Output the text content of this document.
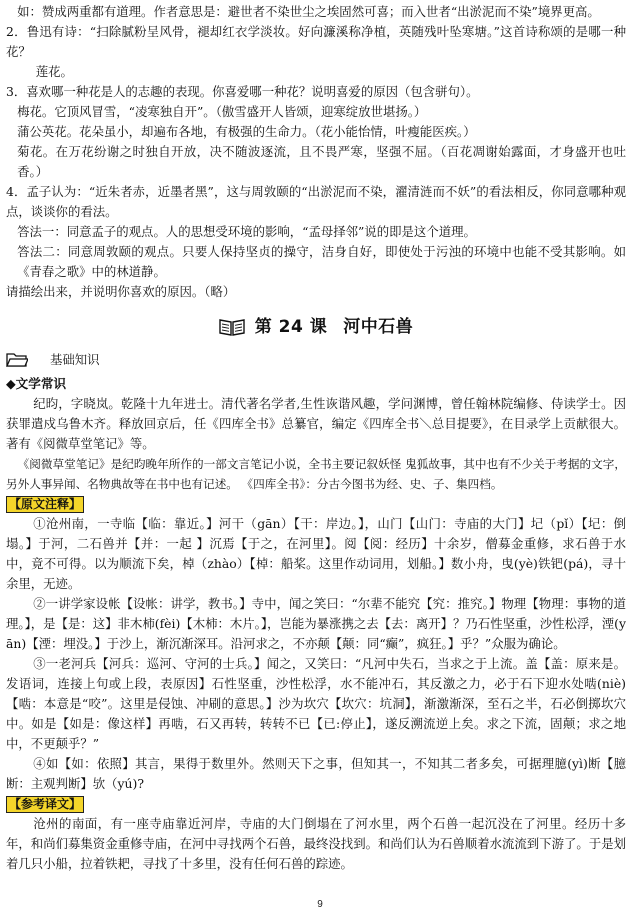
如：赞成两重都有道理。作者意思是：避世者不染世尘之埃固然可喜；而入世者“出淤泥而不染”境界更高。

2．鲁迅有诗：“扫除腻粉呈风骨，褪却红衣学淡妆。好向濂溪称净植，英随残叶坠寒塘。”这首诗称颂的是哪一种花？

莲花。

3．喜欢哪一种花是人的志趣的表现。你喜爱哪一种花？说明喜爱的原因（包含骈句）。

梅花。它顶风冒雪，“凌寒独自开”。（傲雪盛开人皆颂，迎寒绽放世堪扬。）

蒲公英花。花朵虽小，却遍布各地，有极强的生命力。（花小能怡情，叶瘦能医疾。）

菊花。在万花纷谢之时独自开放，决不随波逐流，且不畏严寒，坚强不屈。（百花凋谢始露面，才身盛开也吐香。）

4．孟子认为：“近朱者赤，近墨者黑”，这与周敦颐的“出淤泥而不染，濯清涟而不妖”的看法相反，你同意哪种观点，谈谈你的看法。

答法一：同意孟子的观点。人的思想受环境的影响，“孟母择邻”说的即是这个道理。

答法二：同意周敦颐的观点。只要人保持坚贞的操守，洁身自好，即使处于污浊的环境中也能不受其影响。如《青春之歌》中的林道静。

请描绘出来，并说明你喜欢的原因。（略）

第 24 课 河中石兽
基础知识

◆文学常识

纪昀，字晓岚。乾隆十九年进士。清代著名学者,生性诙谐风趣，学问渊博，曾任翰林院编修、侍读学士。因获罪遣戍乌鲁木齐。释放回京后，任《四库全书》总纂官，编定《四库全书＼总目提要》，在目录学上贡献很大。著有《阅微草堂笔记》等。

《阅微草堂笔记》是纪昀晚年所作的一部文言笔记小说，全书主要记叙妖怪 鬼狐故事，其中也有不少关于考据的文字，另外人事异闻、名物典故等在书中也有记述。 《四库全书》：分古今图书为经、史、子、集四档。

【原文注释】

①沧州南，一寺临【临：靠近。】河干（gān）【干：岸边。】，山门【山门：寺庙的大门】圮（pǐ）【圮：倒塌。】于河，二石兽并【并：一起 】沉焉【于之，在河里】。阅【阅：经历】十余岁，僧募金重修，求石兽于水中，竟不可得。以为顺流下矣，棹（zhào）【棹：船桨。这里作动词用，划船。】数小舟，曳(yè)铁钯(pá)，寻十余里，无迹。

②一讲学家设帐【设帐：讲学，教书。】寺中，闻之笑曰：“尔辈不能究【究：推究。】物理【物理：事物的道理。】，是【是：这】非木柿(fèi)【木柿：木片。】，岂能为暴涨携之去【去：离开】？乃石性坚重，沙性松浮，湮(yān)【湮：埋没。】于沙上，渐沉渐深耳。沿河求之，不亦颠【颠：同“癫”，疯狂。】乎？”众服为确论。

③一老河兵【河兵：巡河、守河的士兵。】闻之，又笑曰：“凡河中失石，当求之于上流。盖【盖：原来是。发语词，连接上句或上段，表原因】石性坚重，沙性松浮，水不能冲石，其反激之力，必于石下迎水处啮(niè)【啮：本意是“咬”。这里是侵蚀、冲刷的意思。】沙为坎穴【坎穴：坑洞】，渐激渐深，至石之半，石必倒掷坎穴中。如是【如是：像这样】再啮，石又再转，转转不已【已:停止】，遂反溯流逆上矣。求之下流，固颠；求之地中，不更颠乎？”

④如【如：依照】其言，果得于数里外。然则天下之事，但知其一，不知其二者多矣，可据理臆(yì)断【臆断：主观判断】欤（yú)?

【参考译文】

沧州的南面，有一座寺庙靠近河岸，寺庙的大门倒塌在了河水里，两个石兽一起沉没在了河里。经历十多年，和尚们募集资金重修寺庙，在河中寻找两个石兽，最终没找到。和尚们认为石兽顺着水流流到下游了。于是划着几只小船，拉着铁耙，寻找了十多里，没有任何石兽的踪迹。

9
